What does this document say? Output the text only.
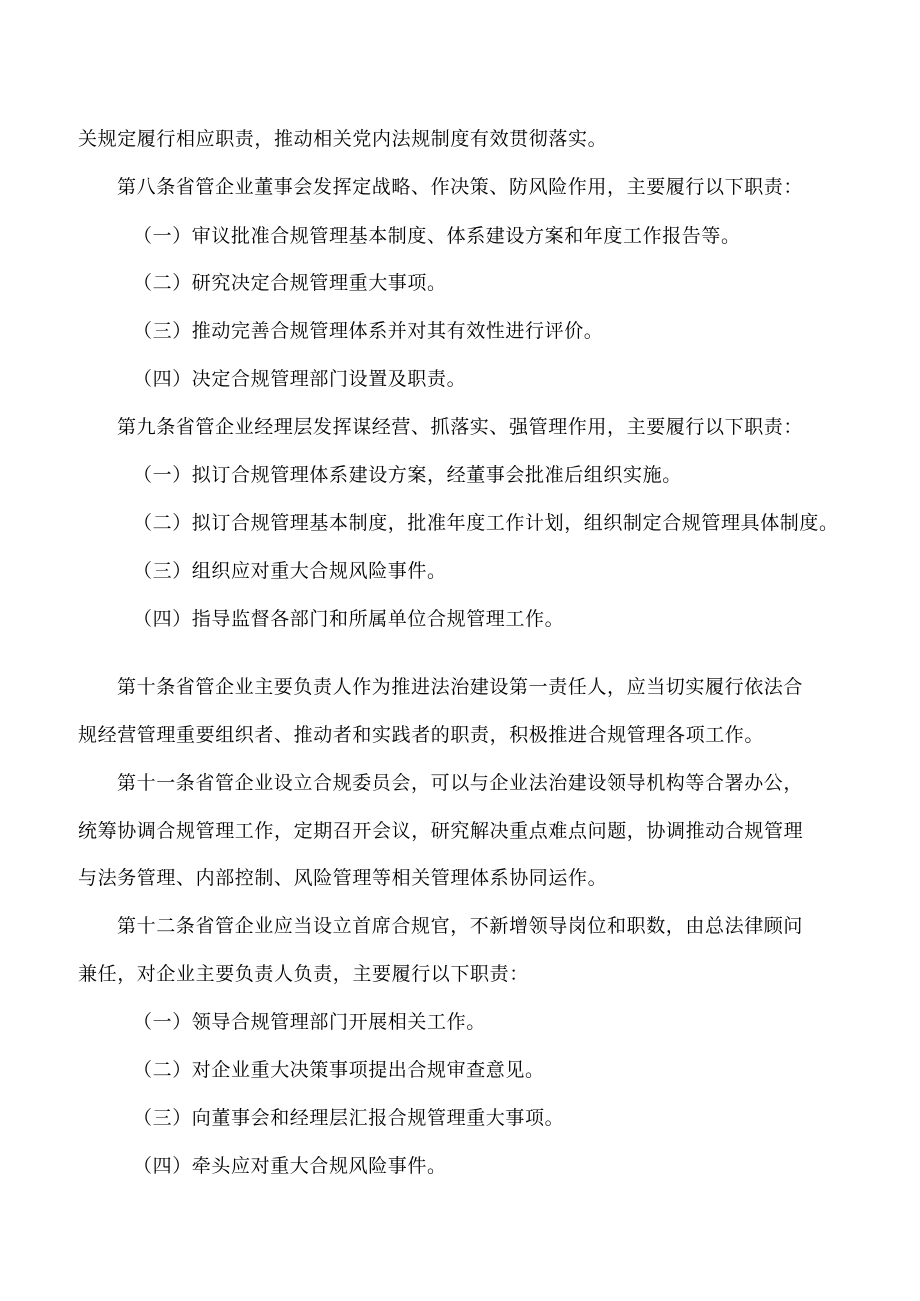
关规定履行相应职责，推动相关党内法规制度有效贯彻落实。

第八条省管企业董事会发挥定战略、作决策、防风险作用，主要履行以下职责：

（一）审议批准合规管理基本制度、体系建设方案和年度工作报告等。

（二）研究决定合规管理重大事项。

（三）推动完善合规管理体系并对其有效性进行评价。

（四）决定合规管理部门设置及职责。

第九条省管企业经理层发挥谋经营、抓落实、强管理作用，主要履行以下职责：

（一）拟订合规管理体系建设方案，经董事会批准后组织实施。

（二）拟订合规管理基本制度，批准年度工作计划，组织制定合规管理具体制度。

（三）组织应对重大合规风险事件。

（四）指导监督各部门和所属单位合规管理工作。

第十条省管企业主要负责人作为推进法治建设第一责任人，应当切实履行依法合

规经营管理重要组织者、推动者和实践者的职责，积极推进合规管理各项工作。

第十一条省管企业设立合规委员会，可以与企业法治建设领导机构等合署办公，

统筹协调合规管理工作，定期召开会议，研究解决重点难点问题，协调推动合规管理

与法务管理、内部控制、风险管理等相关管理体系协同运作。

第十二条省管企业应当设立首席合规官，不新增领导岗位和职数，由总法律顾问

兼任，对企业主要负责人负责，主要履行以下职责：

（一）领导合规管理部门开展相关工作。

（二）对企业重大决策事项提出合规审查意见。

（三）向董事会和经理层汇报合规管理重大事项。

（四）牵头应对重大合规风险事件。
